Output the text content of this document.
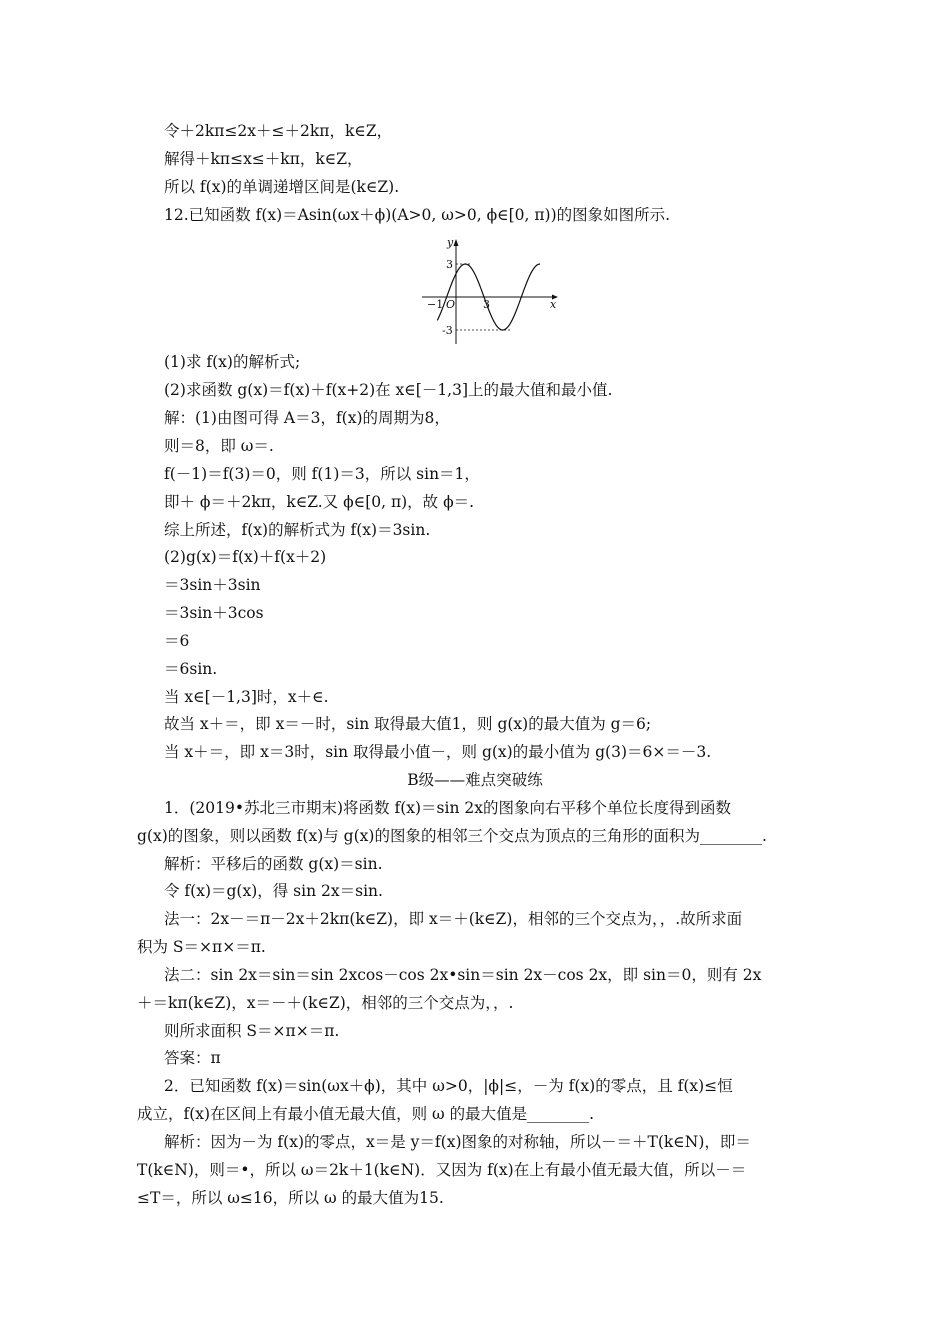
令＋2kπ≤2x＋≤＋2kπ，k∈Z，
解得＋kπ≤x≤＋kπ，k∈Z，
所以 f(x)的单调递增区间是(k∈Z).
12.已知函数 f(x)＝Asin(ωx＋ϕ)(A>0, ω>0, ϕ∈[0, π))的图象如图所示.
y
x
3
-3
−1 O	3
(1)求 f(x)的解析式;
(2)求函数 g(x)＝f(x)＋f(x+2)在 x∈[－1,3]上的最大值和最小值.
解：(1)由图可得 A＝3，f(x)的周期为8，
则＝8，即 ω＝.
f(－1)＝f(3)＝0，则 f(1)＝3，所以 sin＝1，
即＋ ϕ＝＋2kπ，k∈Z.又 ϕ∈[0, π)，故 ϕ＝.
综上所述，f(x)的解析式为 f(x)＝3sin.
(2)g(x)＝f(x)＋f(x＋2)
＝3sin＋3sin
＝3sin＋3cos
＝6
＝6sin.
当 x∈[－1,3]时，x＋∈.
故当 x＋＝，即 x＝－时，sin 取得最大值1，则 g(x)的最大值为 g＝6;
当 x＋＝，即 x＝3时，sin 取得最小值－，则 g(x)的最小值为 g(3)＝6×＝－3.
B级——难点突破练
1．(2019•苏北三市期末)将函数 f(x)＝sin 2x的图象向右平移个单位长度得到函数
g(x)的图象，则以函数 f(x)与 g(x)的图象的相邻三个交点为顶点的三角形的面积为________.
解析：平移后的函数 g(x)＝sin.
令 f(x)＝g(x)，得 sin 2x＝sin.
法一：2x－＝π－2x＋2kπ(k∈Z)，即 x＝＋(k∈Z)，相邻的三个交点为，，.故所求面
积为 S＝×π×＝π.
法二：sin 2x＝sin＝sin 2xcos－cos 2x•sin＝sin 2x－cos 2x，即 sin＝0，则有 2x
＋＝kπ(k∈Z)，x＝－＋(k∈Z)，相邻的三个交点为，，.
则所求面积 S＝×π×＝π.
答案：π
2．已知函数 f(x)＝sin(ωx＋ϕ)，其中 ω>0，|ϕ|≤，－为 f(x)的零点，且 f(x)≤恒
成立，f(x)在区间上有最小值无最大值，则 ω 的最大值是________.
解析：因为－为 f(x)的零点，x＝是 y＝f(x)图象的对称轴，所以－＝＋T(k∈N)，即＝
T(k∈N)，则＝•，所以 ω＝2k＋1(k∈N)．又因为 f(x)在上有最小值无最大值，所以－＝
≤T＝，所以 ω≤16，所以 ω 的最大值为15.
